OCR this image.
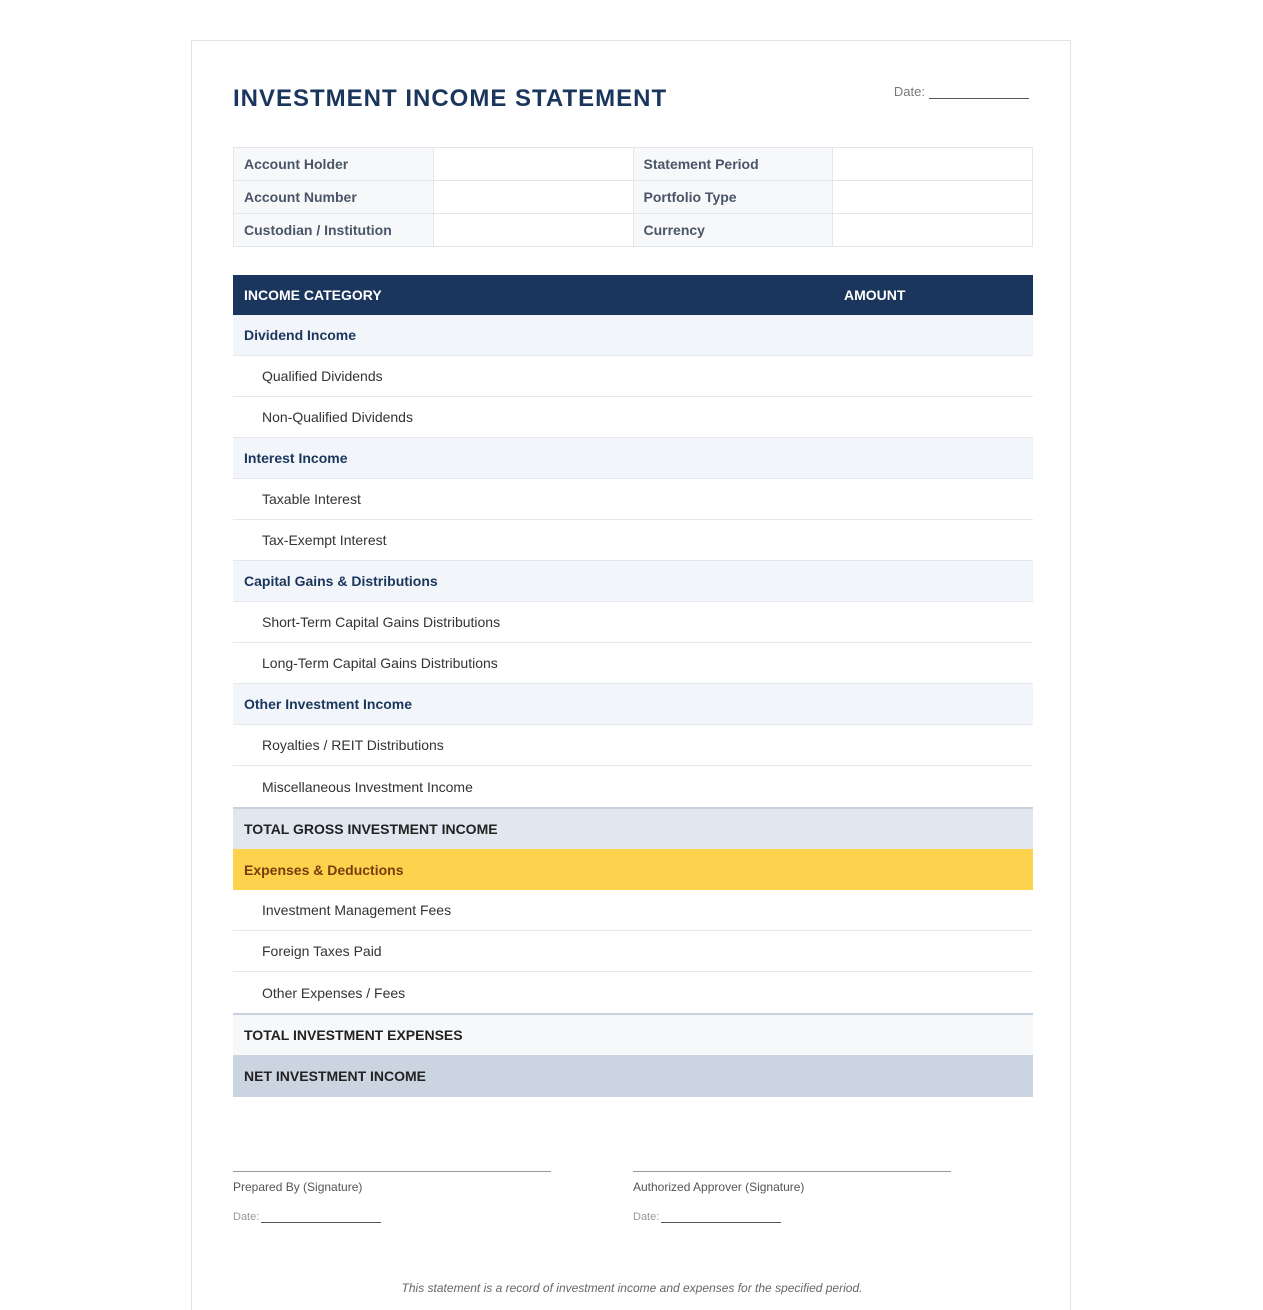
INVESTMENT INCOME STATEMENT	Date:
Account Holder		Statement Period	
Account Number		Portfolio Type	
Custodian / Institution		Currency	
INCOME CATEGORY	AMOUNT
Dividend Income
Qualified Dividends
Non-Qualified Dividends
Interest Income
Taxable Interest
Tax-Exempt Interest
Capital Gains & Distributions
Short-Term Capital Gains Distributions
Long-Term Capital Gains Distributions
Other Investment Income
Royalties / REIT Distributions
Miscellaneous Investment Income
TOTAL GROSS INVESTMENT INCOME
Expenses & Deductions
Investment Management Fees
Foreign Taxes Paid
Other Expenses / Fees
TOTAL INVESTMENT EXPENSES
NET INVESTMENT INCOME
Prepared By (Signature)
Date:
Authorized Approver (Signature)
Date:
This statement is a record of investment income and expenses for the specified period.
